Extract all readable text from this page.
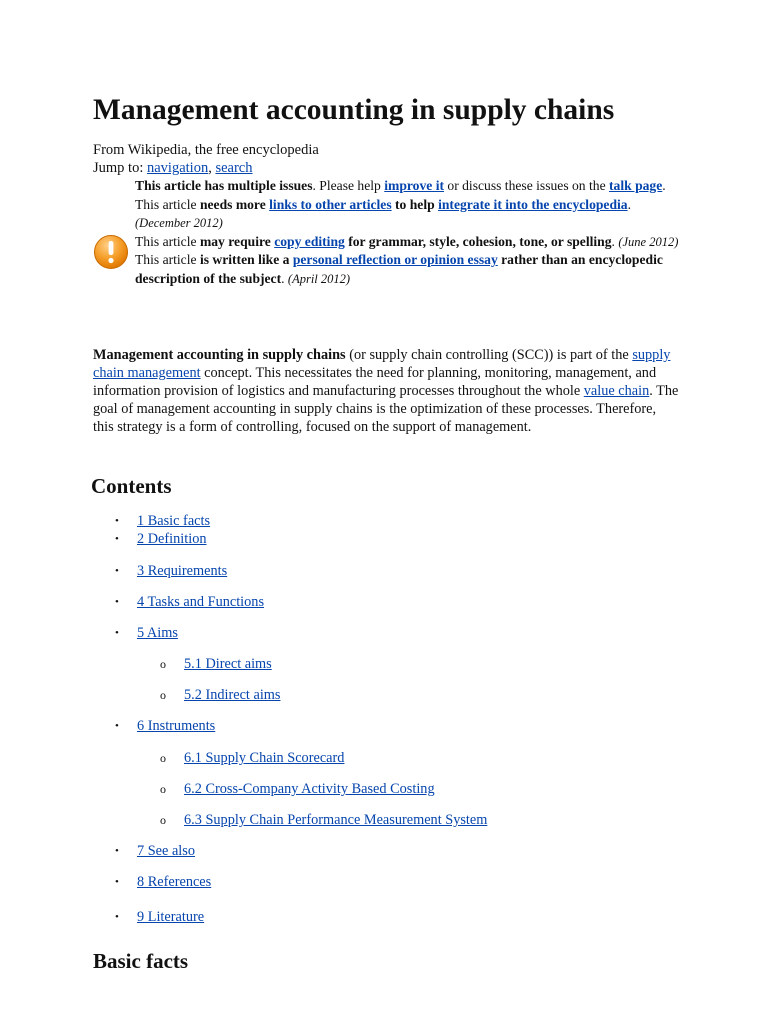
Management accounting in supply chains
From Wikipedia, the free encyclopedia
Jump to: navigation, search

This article has multiple issues. Please help improve it or discuss these issues on the talk page.

This article needs more links to other articles to help integrate it into the encyclopedia. (December 2012)

This article may require copy editing for grammar, style, cohesion, tone, or spelling. (June 2012)

This article is written like a personal reflection or opinion essay rather than an encyclopedic description of the subject. (April 2012)

Management accounting in supply chains (or supply chain controlling (SCC)) is part of the supply chain management concept. This necessitates the need for planning, monitoring, management, and information provision of logistics and manufacturing processes throughout the whole value chain. The goal of management accounting in supply chains is the optimization of these processes. Therefore, this strategy is a form of controlling, focused on the support of management.

Contents
• 1 Basic facts
• 2 Definition
• 3 Requirements
• 4 Tasks and Functions
• 5 Aims
o 5.1 Direct aims
o 5.2 Indirect aims
• 6 Instruments
o 6.1 Supply Chain Scorecard
o 6.2 Cross-Company Activity Based Costing
o 6.3 Supply Chain Performance Measurement System
• 7 See also
• 8 References
• 9 Literature
Basic facts
